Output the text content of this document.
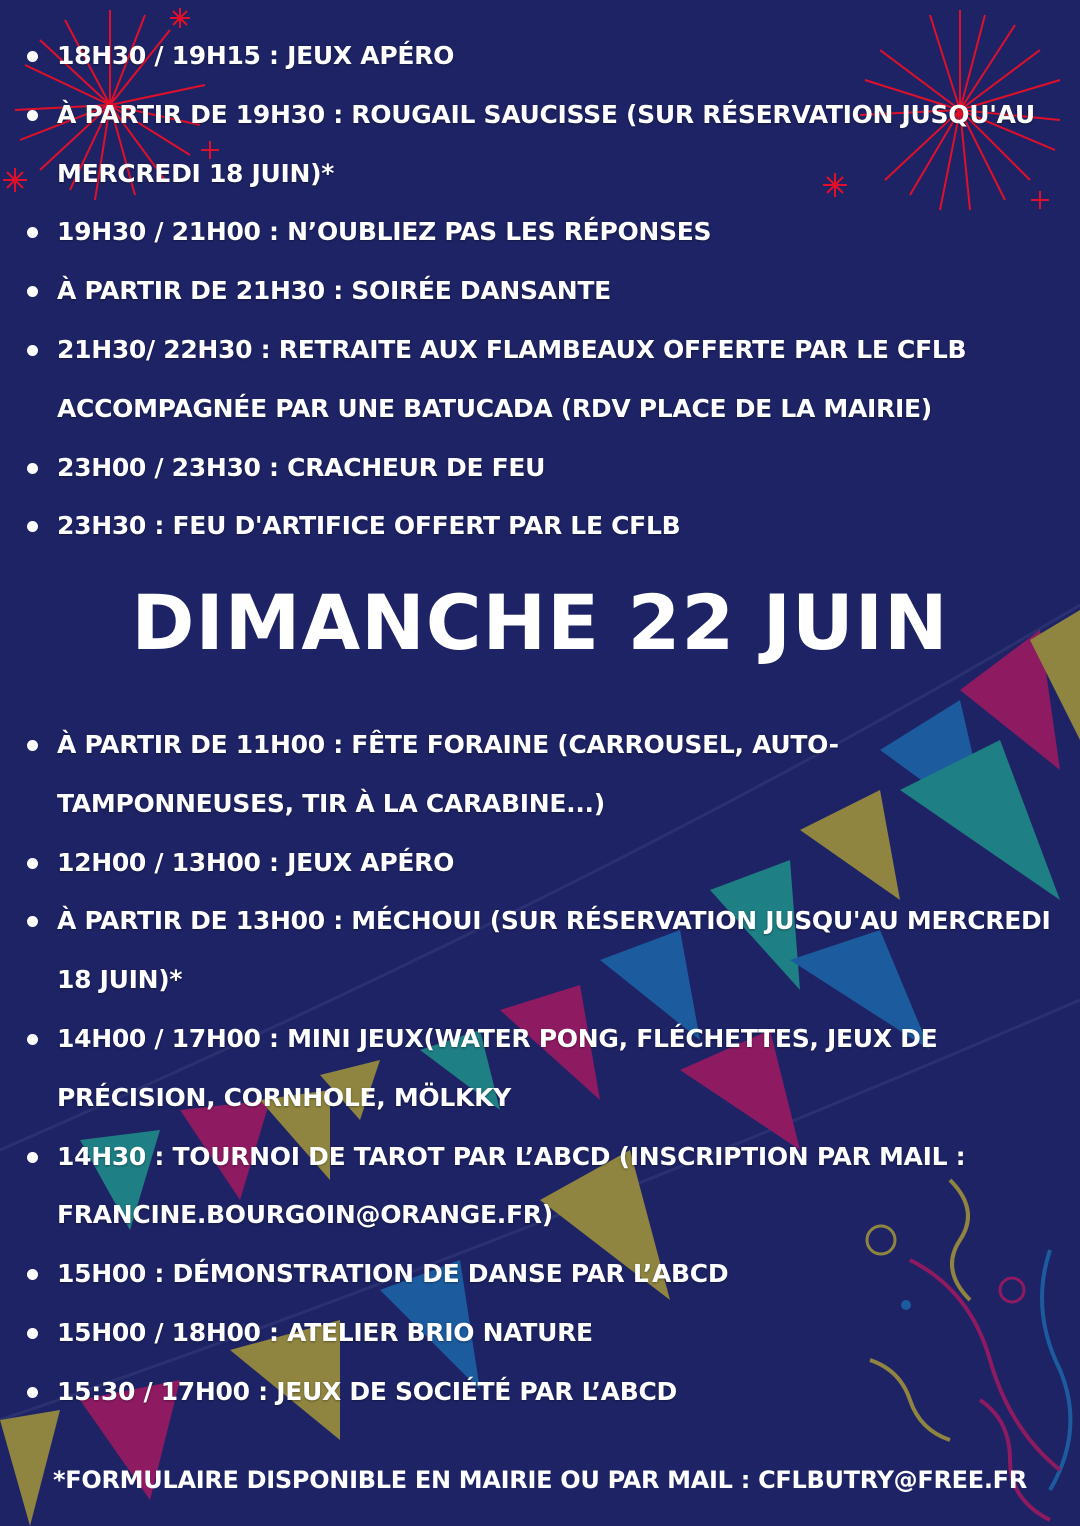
18H30 / 19H15 : JEUX APÉRO
À PARTIR DE 19H30 : ROUGAIL SAUCISSE (SUR RÉSERVATION JUSQU'AU MERCREDI 18 JUIN)*
19H30 / 21H00 : N’OUBLIEZ PAS LES RÉPONSES
À PARTIR DE 21H30 : SOIRÉE DANSANTE
21H30/ 22H30 : RETRAITE AUX FLAMBEAUX OFFERTE PAR LE CFLB ACCOMPAGNÉE PAR UNE BATUCADA (RDV PLACE DE LA MAIRIE)
23H00 / 23H30 : CRACHEUR DE FEU
23H30 : FEU D'ARTIFICE OFFERT PAR LE CFLB
DIMANCHE 22 JUIN
À PARTIR DE 11H00 : FÊTE FORAINE (CARROUSEL, AUTO-TAMPONNEUSES, TIR À LA CARABINE...)
12H00 / 13H00 : JEUX APÉRO
À PARTIR DE 13H00 : MÉCHOUI (SUR RÉSERVATION JUSQU'AU MERCREDI 18 JUIN)*
14H00 / 17H00 : MINI JEUX(WATER PONG, FLÉCHETTES, JEUX DE PRÉCISION, CORNHOLE, MÖLKKY
14H30 : TOURNOI DE TAROT PAR L’ABCD (INSCRIPTION PAR MAIL : FRANCINE.BOURGOIN@ORANGE.FR)
15H00 : DÉMONSTRATION DE DANSE PAR L’ABCD
15H00 / 18H00 : ATELIER BRIO NATURE
15:30 / 17H00 : JEUX DE SOCIÉTÉ PAR L’ABCD
*FORMULAIRE DISPONIBLE EN MAIRIE OU PAR MAIL : CFLBUTRY@FREE.FR
